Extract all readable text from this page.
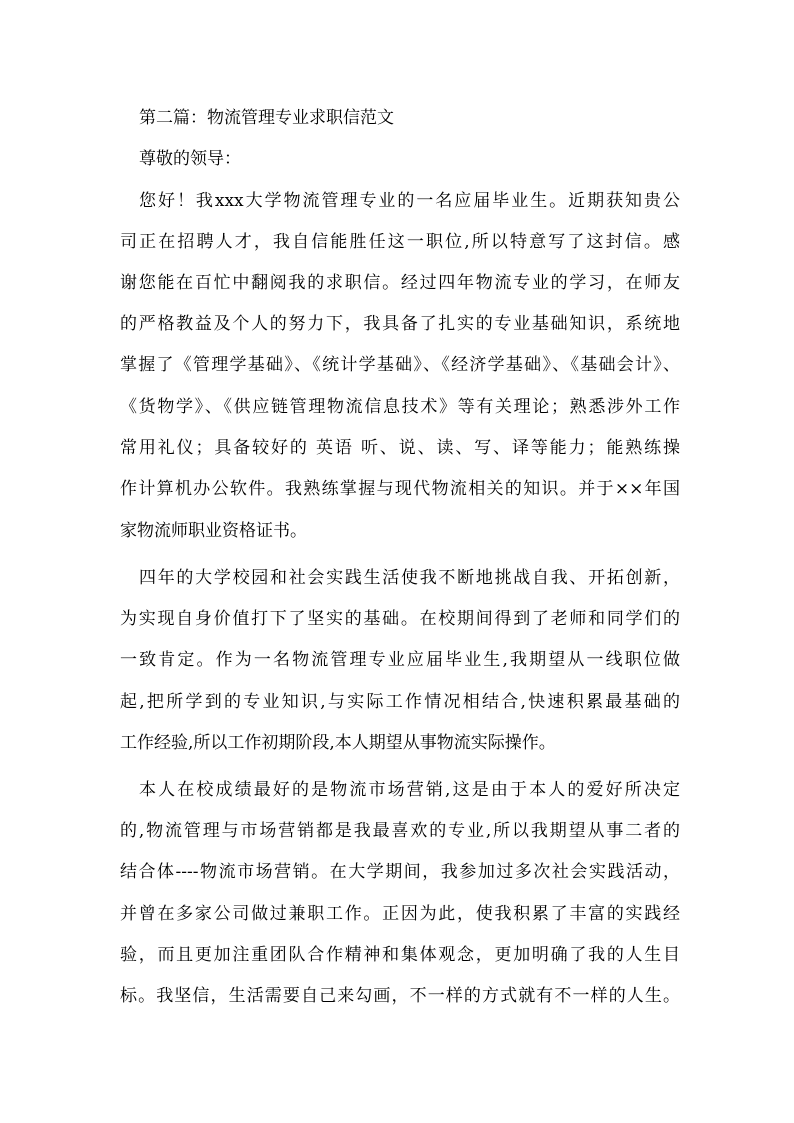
第二篇：物流管理专业求职信范文
尊敬的领导：
您好！我xxx大学物流管理专业的一名应届毕业生。近期获知贵公
司正在招聘人才，我自信能胜任这一职位,所以特意写了这封信。感
谢您能在百忙中翻阅我的求职信。经过四年物流专业的学习，在师友
的严格教益及个人的努力下，我具备了扎实的专业基础知识，系统地
掌握了《管理学基础》、《统计学基础》、《经济学基础》、《基础会计》、
《货物学》、《供应链管理物流信息技术》等有关理论；熟悉涉外工作
常用礼仪；具备较好的 英语 听、说、读、写、译等能力；能熟练操
作计算机办公软件。我熟练掌握与现代物流相关的知识。并于××年国
家物流师职业资格证书。
四年的大学校园和社会实践生活使我不断地挑战自我、开拓创新，
为实现自身价值打下了坚实的基础。在校期间得到了老师和同学们的
一致肯定。作为一名物流管理专业应届毕业生,我期望从一线职位做
起,把所学到的专业知识,与实际工作情况相结合,快速积累最基础的
工作经验,所以工作初期阶段,本人期望从事物流实际操作。
本人在校成绩最好的是物流市场营销,这是由于本人的爱好所决定
的,物流管理与市场营销都是我最喜欢的专业,所以我期望从事二者的
结合体----物流市场营销。在大学期间，我参加过多次社会实践活动，
并曾在多家公司做过兼职工作。正因为此，使我积累了丰富的实践经
验，而且更加注重团队合作精神和集体观念，更加明确了我的人生目
标。我坚信，生活需要自己来勾画，不一样的方式就有不一样的人生。
